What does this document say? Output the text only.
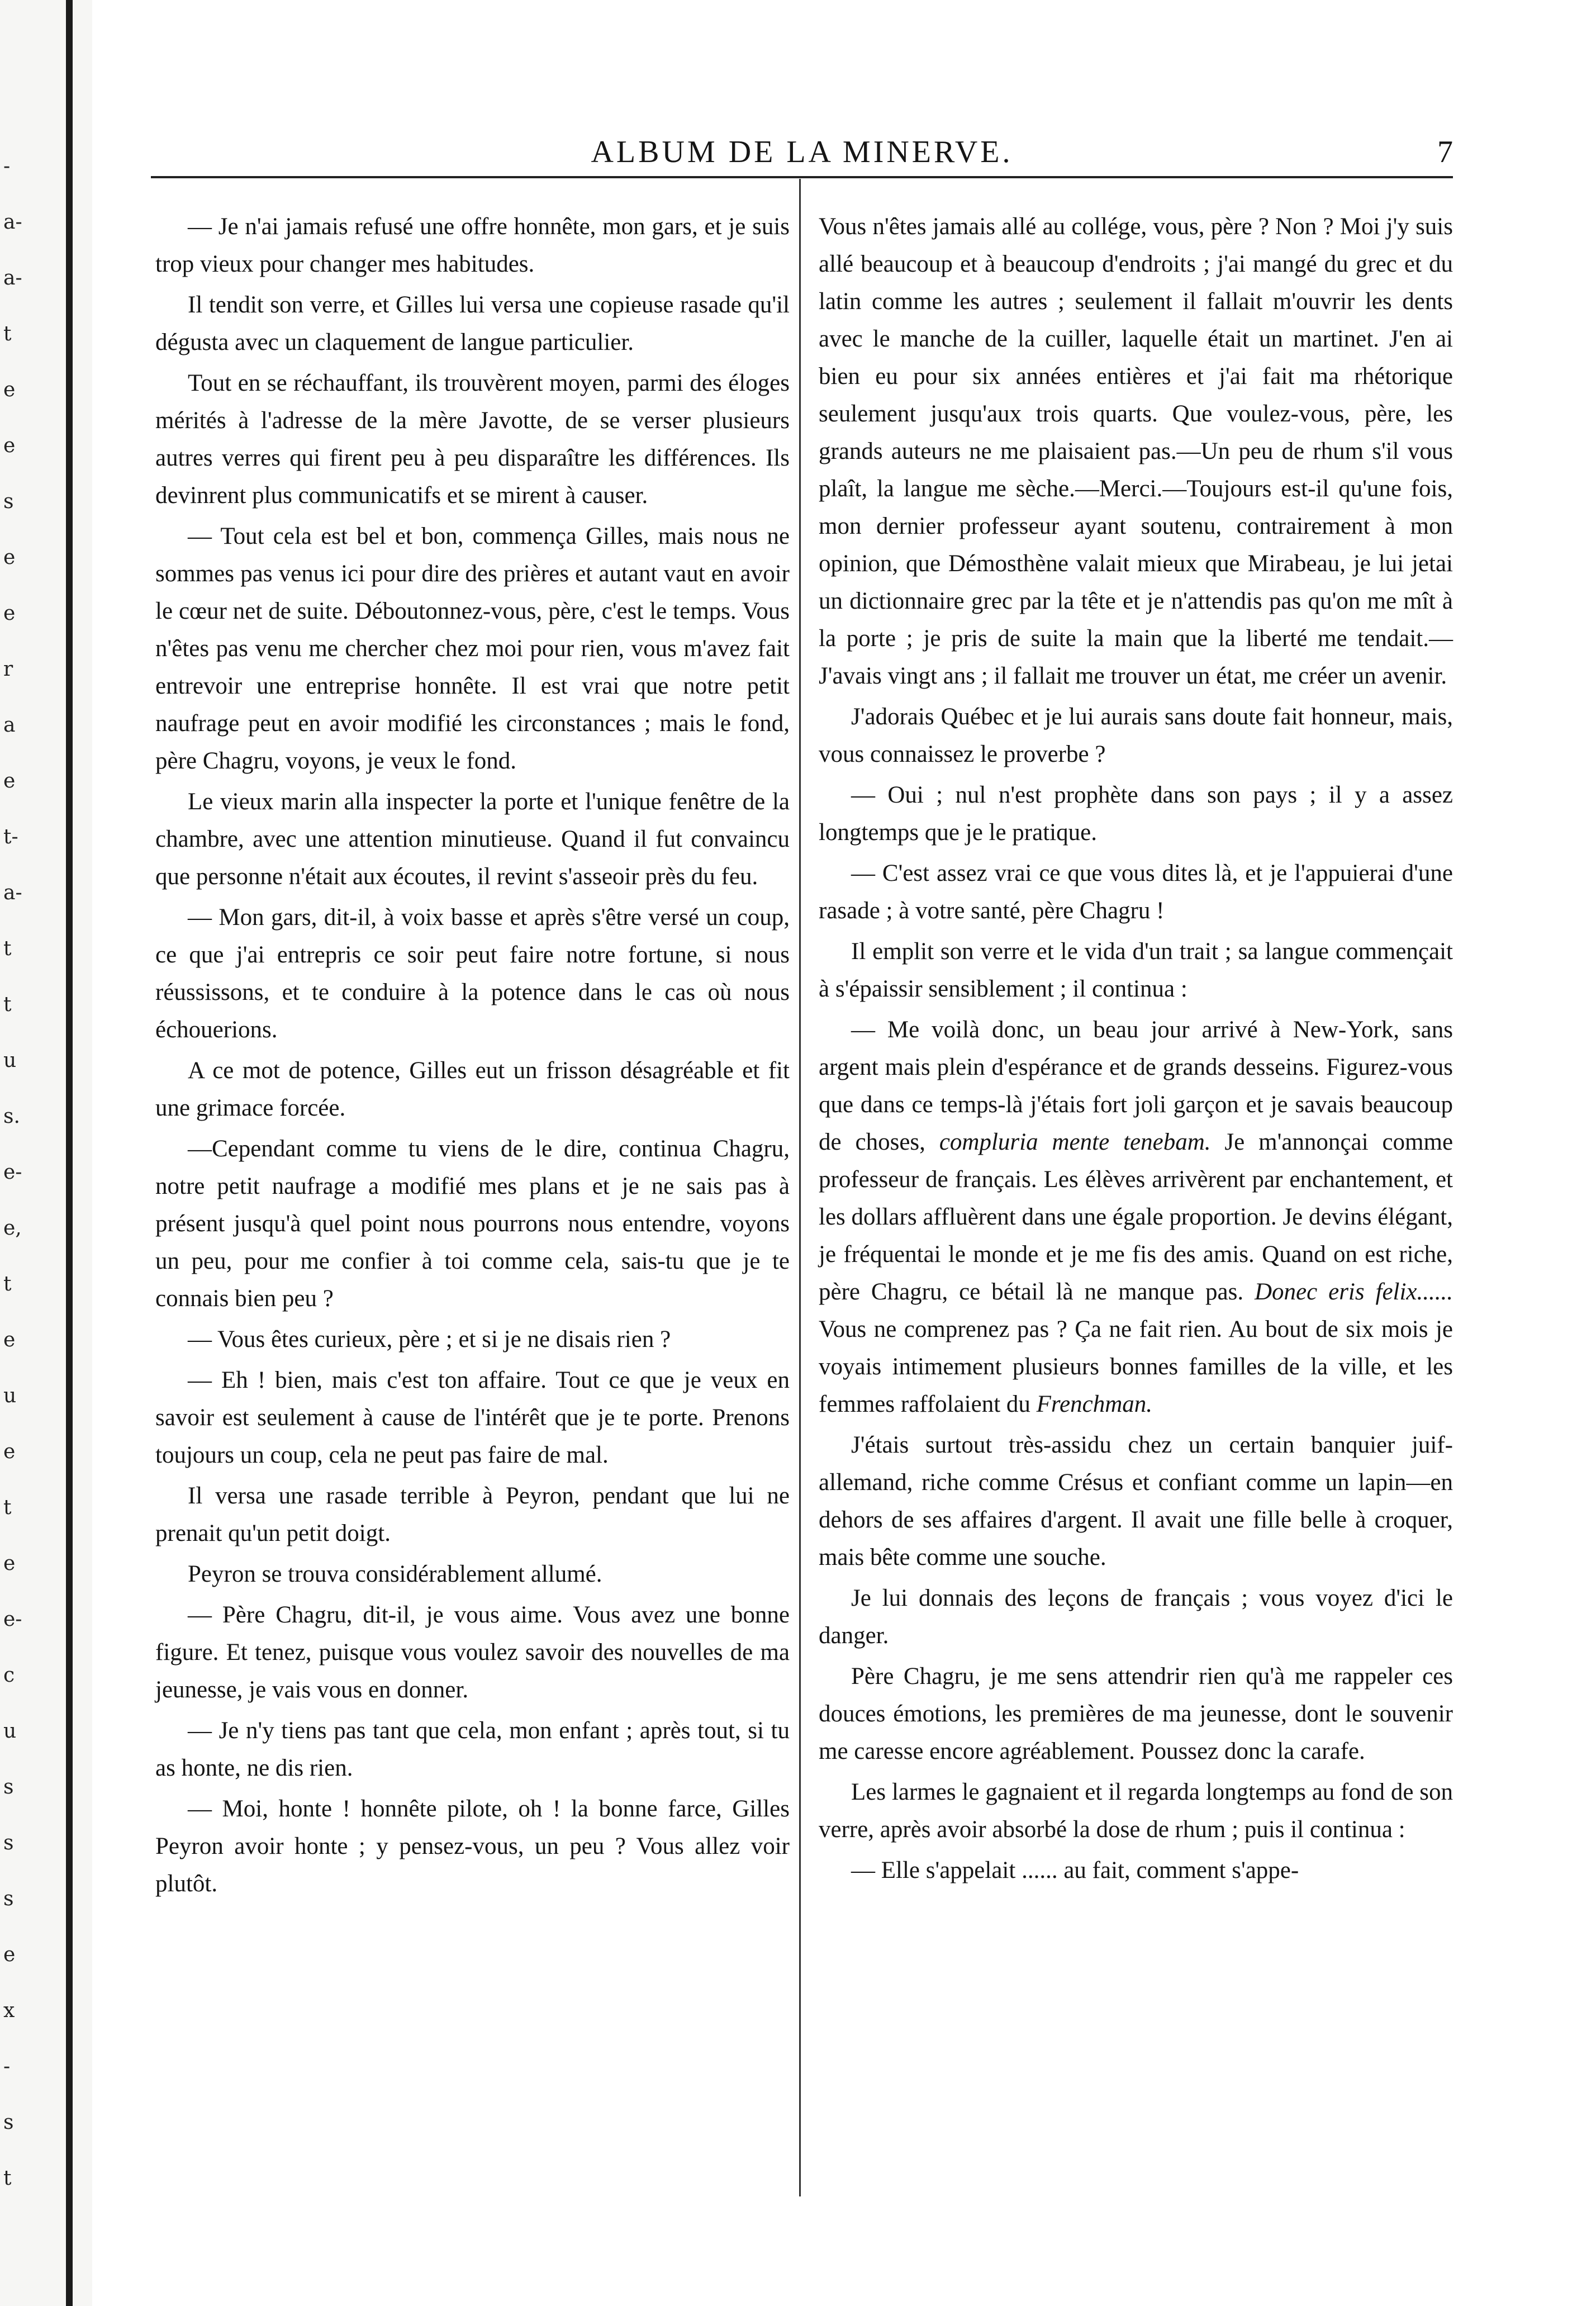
-
a-
a-
t
e
e
s
e
e
r
a
e
t-
a-
t
t
u
s.
e-
e,
t
e
u
e
t
e
e-
c
u
s
s
s
e
x
-
s
t
ALBUM DE LA MINERVE.	7

— Je n'ai jamais refusé une offre honnête, mon gars, et je suis trop vieux pour changer mes habitudes.

Il tendit son verre, et Gilles lui versa une copieuse rasade qu'il dégusta avec un claquement de langue particulier.

Tout en se réchauffant, ils trouvèrent moyen, parmi des éloges mérités à l'adresse de la mère Javotte, de se verser plusieurs autres verres qui firent peu à peu disparaître les différences. Ils devinrent plus communicatifs et se mirent à causer.

— Tout cela est bel et bon, commença Gilles, mais nous ne sommes pas venus ici pour dire des prières et autant vaut en avoir le cœur net de suite. Déboutonnez-vous, père, c'est le temps. Vous n'êtes pas venu me chercher chez moi pour rien, vous m'avez fait entrevoir une entreprise honnête. Il est vrai que notre petit naufrage peut en avoir modifié les circonstances ; mais le fond, père Chagru, voyons, je veux le fond.

Le vieux marin alla inspecter la porte et l'unique fenêtre de la chambre, avec une attention minutieuse. Quand il fut convaincu que personne n'était aux écoutes, il revint s'asseoir près du feu.

— Mon gars, dit-il, à voix basse et après s'être versé un coup, ce que j'ai entrepris ce soir peut faire notre fortune, si nous réussissons, et te conduire à la potence dans le cas où nous échouerions.

A ce mot de potence, Gilles eut un frisson désagréable et fit une grimace forcée.

—Cependant comme tu viens de le dire, continua Chagru, notre petit naufrage a modifié mes plans et je ne sais pas à présent jusqu'à quel point nous pourrons nous entendre, voyons un peu, pour me confier à toi comme cela, sais-tu que je te connais bien peu ?

— Vous êtes curieux, père ; et si je ne disais rien ?

— Eh ! bien, mais c'est ton affaire. Tout ce que je veux en savoir est seulement à cause de l'intérêt que je te porte. Prenons toujours un coup, cela ne peut pas faire de mal.

Il versa une rasade terrible à Peyron, pendant que lui ne prenait qu'un petit doigt.

Peyron se trouva considérablement allumé.

— Père Chagru, dit-il, je vous aime. Vous avez une bonne figure. Et tenez, puisque vous voulez savoir des nouvelles de ma jeunesse, je vais vous en donner.

— Je n'y tiens pas tant que cela, mon enfant ; après tout, si tu as honte, ne dis rien.

— Moi, honte ! honnête pilote, oh ! la bonne farce, Gilles Peyron avoir honte ; y pensez-vous, un peu ? Vous allez voir plutôt.

Vous n'êtes jamais allé au collége, vous, père ? Non ? Moi j'y suis allé beaucoup et à beaucoup d'endroits ; j'ai mangé du grec et du latin comme les autres ; seulement il fallait m'ouvrir les dents avec le manche de la cuiller, laquelle était un martinet. J'en ai bien eu pour six années entières et j'ai fait ma rhétorique seulement jusqu'aux trois quarts. Que voulez-vous, père, les grands auteurs ne me plaisaient pas.—Un peu de rhum s'il vous plaît, la langue me sèche.—Merci.—Toujours est-il qu'une fois, mon dernier professeur ayant soutenu, contrairement à mon opinion, que Démosthène valait mieux que Mirabeau, je lui jetai un dictionnaire grec par la tête et je n'attendis pas qu'on me mît à la porte ; je pris de suite la main que la liberté me tendait.—J'avais vingt ans ; il fallait me trouver un état, me créer un avenir.

J'adorais Québec et je lui aurais sans doute fait honneur, mais, vous connaissez le proverbe ?

— Oui ; nul n'est prophète dans son pays ; il y a assez longtemps que je le pratique.

— C'est assez vrai ce que vous dites là, et je l'appuierai d'une rasade ; à votre santé, père Chagru !

Il emplit son verre et le vida d'un trait ; sa langue commençait à s'épaissir sensiblement ; il continua :

— Me voilà donc, un beau jour arrivé à New-York, sans argent mais plein d'espérance et de grands desseins. Figurez-vous que dans ce temps-là j'étais fort joli garçon et je savais beaucoup de choses, compluria mente tenebam. Je m'annonçai comme professeur de français. Les élèves arrivèrent par enchantement, et les dollars affluèrent dans une égale proportion. Je devins élégant, je fréquentai le monde et je me fis des amis. Quand on est riche, père Chagru, ce bétail là ne manque pas. Donec eris felix...... Vous ne comprenez pas ? Ça ne fait rien. Au bout de six mois je voyais intimement plusieurs bonnes familles de la ville, et les femmes raffolaient du Frenchman.

J'étais surtout très-assidu chez un certain banquier juif-allemand, riche comme Crésus et confiant comme un lapin—en dehors de ses affaires d'argent. Il avait une fille belle à croquer, mais bête comme une souche.

Je lui donnais des leçons de français ; vous voyez d'ici le danger.

Père Chagru, je me sens attendrir rien qu'à me rappeler ces douces émotions, les premières de ma jeunesse, dont le souvenir me caresse encore agréablement. Poussez donc la carafe.

Les larmes le gagnaient et il regarda longtemps au fond de son verre, après avoir absorbé la dose de rhum ; puis il continua :

— Elle s'appelait ...... au fait, comment s'appe-
